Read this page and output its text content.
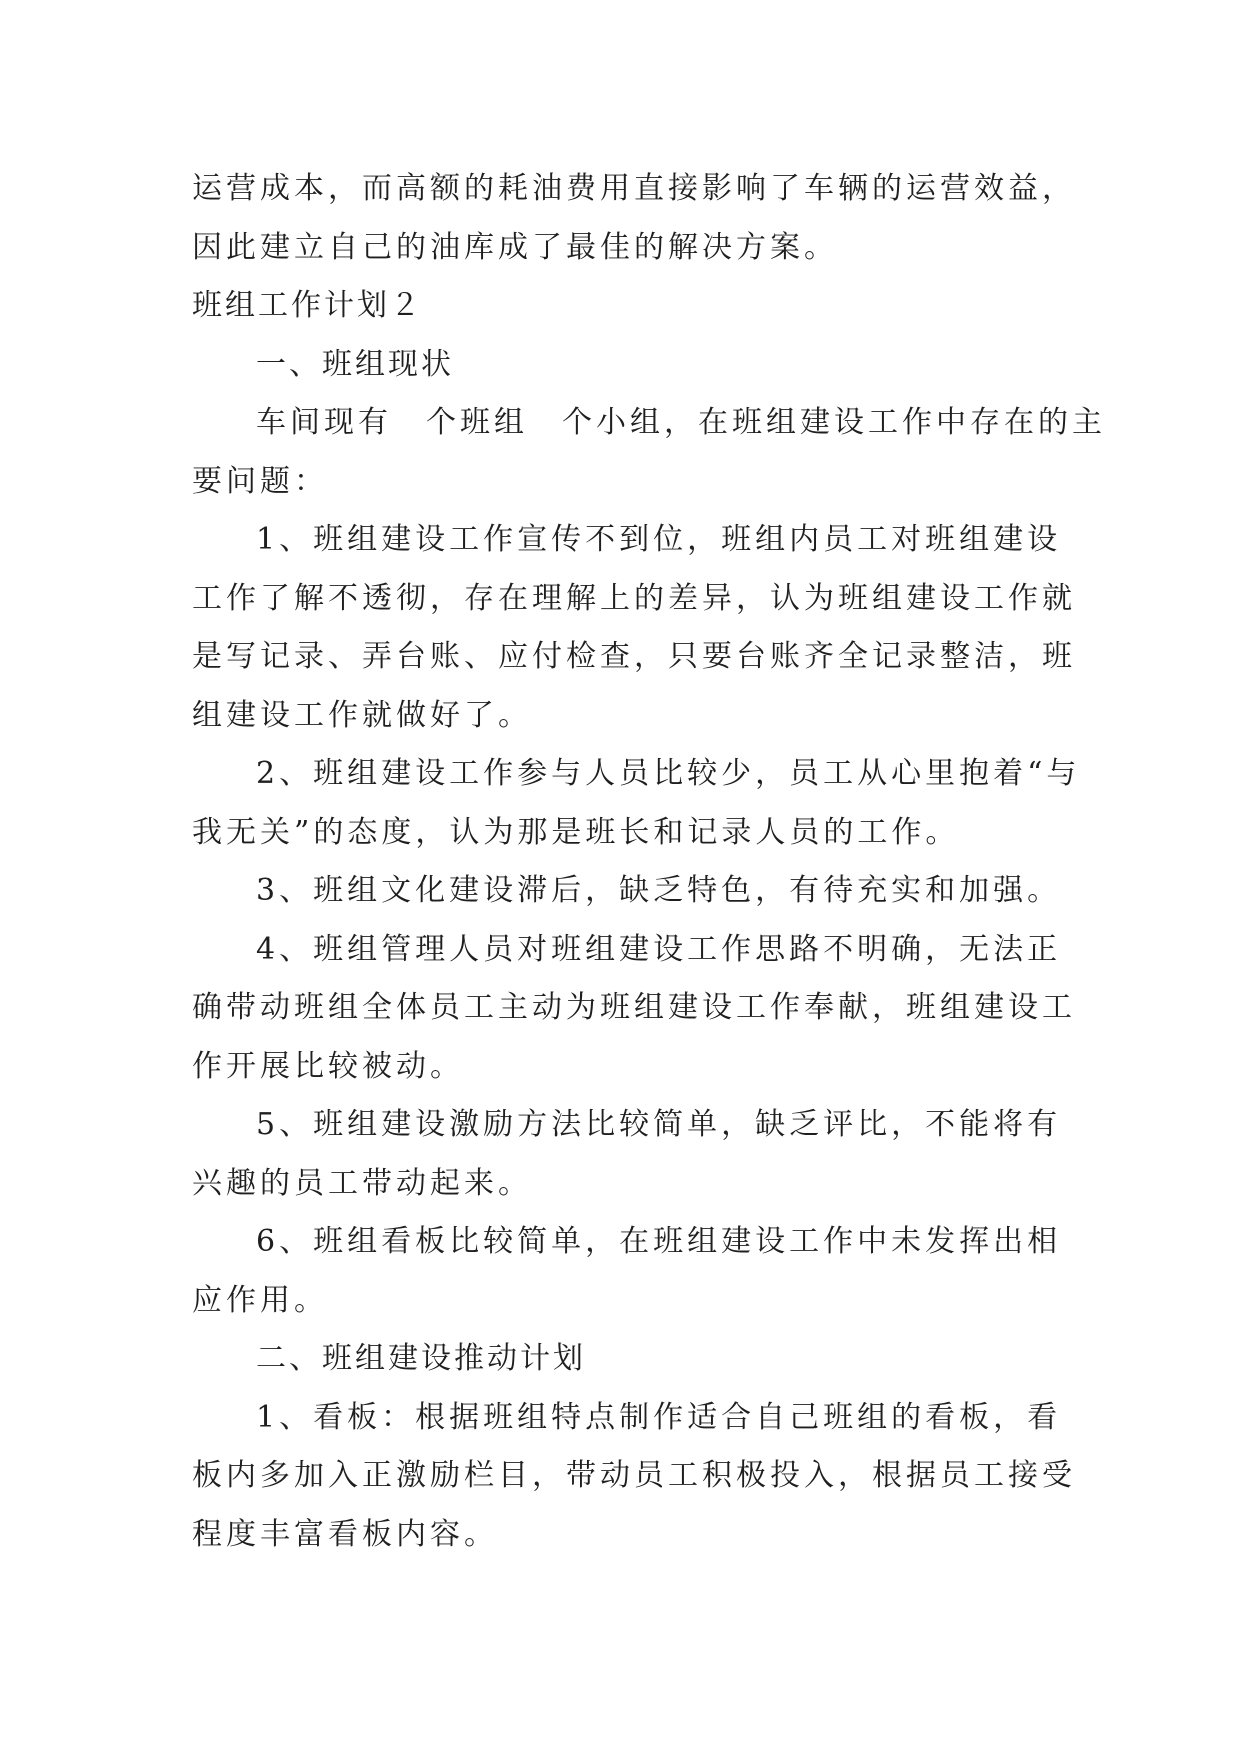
运营成本，而高额的耗油费用直接影响了车辆的运营效益，

因此建立自己的油库成了最佳的解决方案。

班组工作计划２

一、班组现状

车间现有　个班组　个小组，在班组建设工作中存在的主

要问题：

1、班组建设工作宣传不到位，班组内员工对班组建设

工作了解不透彻，存在理解上的差异，认为班组建设工作就

是写记录、弄台账、应付检查，只要台账齐全记录整洁，班

组建设工作就做好了。

2、班组建设工作参与人员比较少，员工从心里抱着“与

我无关”的态度，认为那是班长和记录人员的工作。

3、班组文化建设滞后，缺乏特色，有待充实和加强。

4、班组管理人员对班组建设工作思路不明确，无法正

确带动班组全体员工主动为班组建设工作奉献，班组建设工

作开展比较被动。

5、班组建设激励方法比较简单，缺乏评比，不能将有

兴趣的员工带动起来。

6、班组看板比较简单，在班组建设工作中未发挥出相

应作用。

二、班组建设推动计划

1、看板：根据班组特点制作适合自己班组的看板，看

板内多加入正激励栏目，带动员工积极投入，根据员工接受

程度丰富看板内容。
